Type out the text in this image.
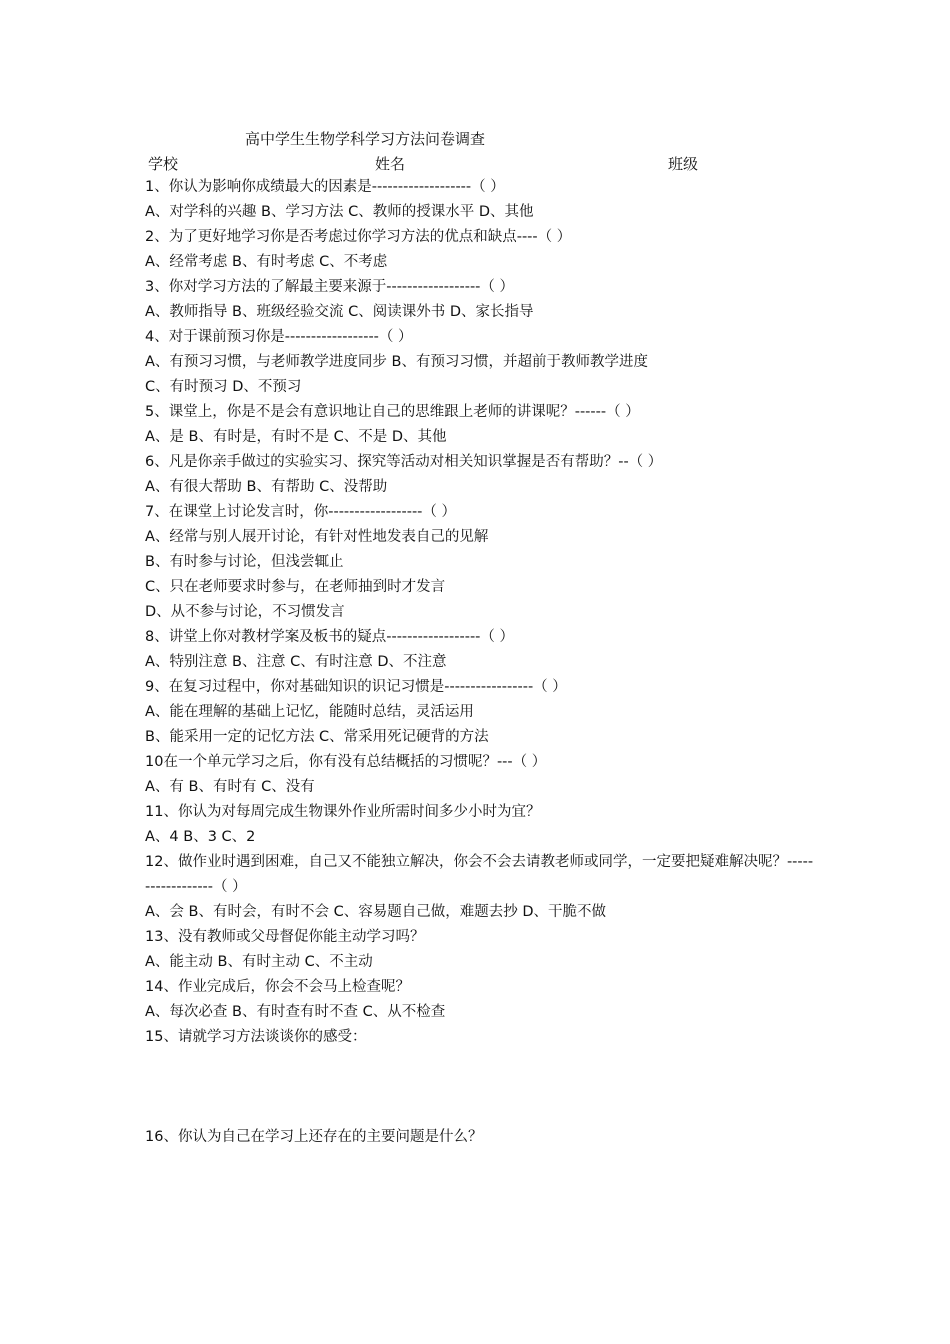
高中学生生物学科学习方法问卷调查
学校	姓名	班级
1、你认为影响你成绩最大的因素是-------------------（ ）
A、对学科的兴趣 B、学习方法 C、教师的授课水平 D、其他
2、为了更好地学习你是否考虑过你学习方法的优点和缺点----（ ）
A、经常考虑 B、有时考虑 C、不考虑
3、你对学习方法的了解最主要来源于------------------（ ）
A、教师指导 B、班级经验交流 C、阅读课外书 D、家长指导
4、对于课前预习你是------------------（ ）
A、有预习习惯，与老师教学进度同步 B、有预习习惯，并超前于教师教学进度
C、有时预习 D、不预习
5、课堂上，你是不是会有意识地让自己的思维跟上老师的讲课呢？------（ ）
A、是 B、有时是，有时不是 C、不是 D、其他
6、凡是你亲手做过的实验实习、探究等活动对相关知识掌握是否有帮助？--（ ）
A、有很大帮助 B、有帮助 C、没帮助
7、在课堂上讨论发言时，你------------------（ ）
A、经常与别人展开讨论，有针对性地发表自己的见解
B、有时参与讨论，但浅尝辄止
C、只在老师要求时参与，在老师抽到时才发言
D、从不参与讨论，不习惯发言
8、讲堂上你对教材学案及板书的疑点------------------（ ）
A、特别注意 B、注意 C、有时注意 D、不注意
9、在复习过程中，你对基础知识的识记习惯是-----------------（ ）
A、能在理解的基础上记忆，能随时总结，灵活运用
B、能采用一定的记忆方法 C、常采用死记硬背的方法
10在一个单元学习之后，你有没有总结概括的习惯呢？---（ ）
A、有 B、有时有 C、没有
11、你认为对每周完成生物课外作业所需时间多少小时为宜？
A、4 B、3 C、2
12、做作业时遇到困难，自己又不能独立解决，你会不会去请教老师或同学，一定要把疑难解决呢？------------------（ ）
A、会 B、有时会，有时不会 C、容易题自己做，难题去抄 D、干脆不做
13、没有教师或父母督促你能主动学习吗？
A、能主动 B、有时主动 C、不主动
14、作业完成后，你会不会马上检查呢？
A、每次必查 B、有时查有时不查 C、从不检查
15、请就学习方法谈谈你的感受：
16、你认为自己在学习上还存在的主要问题是什么？
